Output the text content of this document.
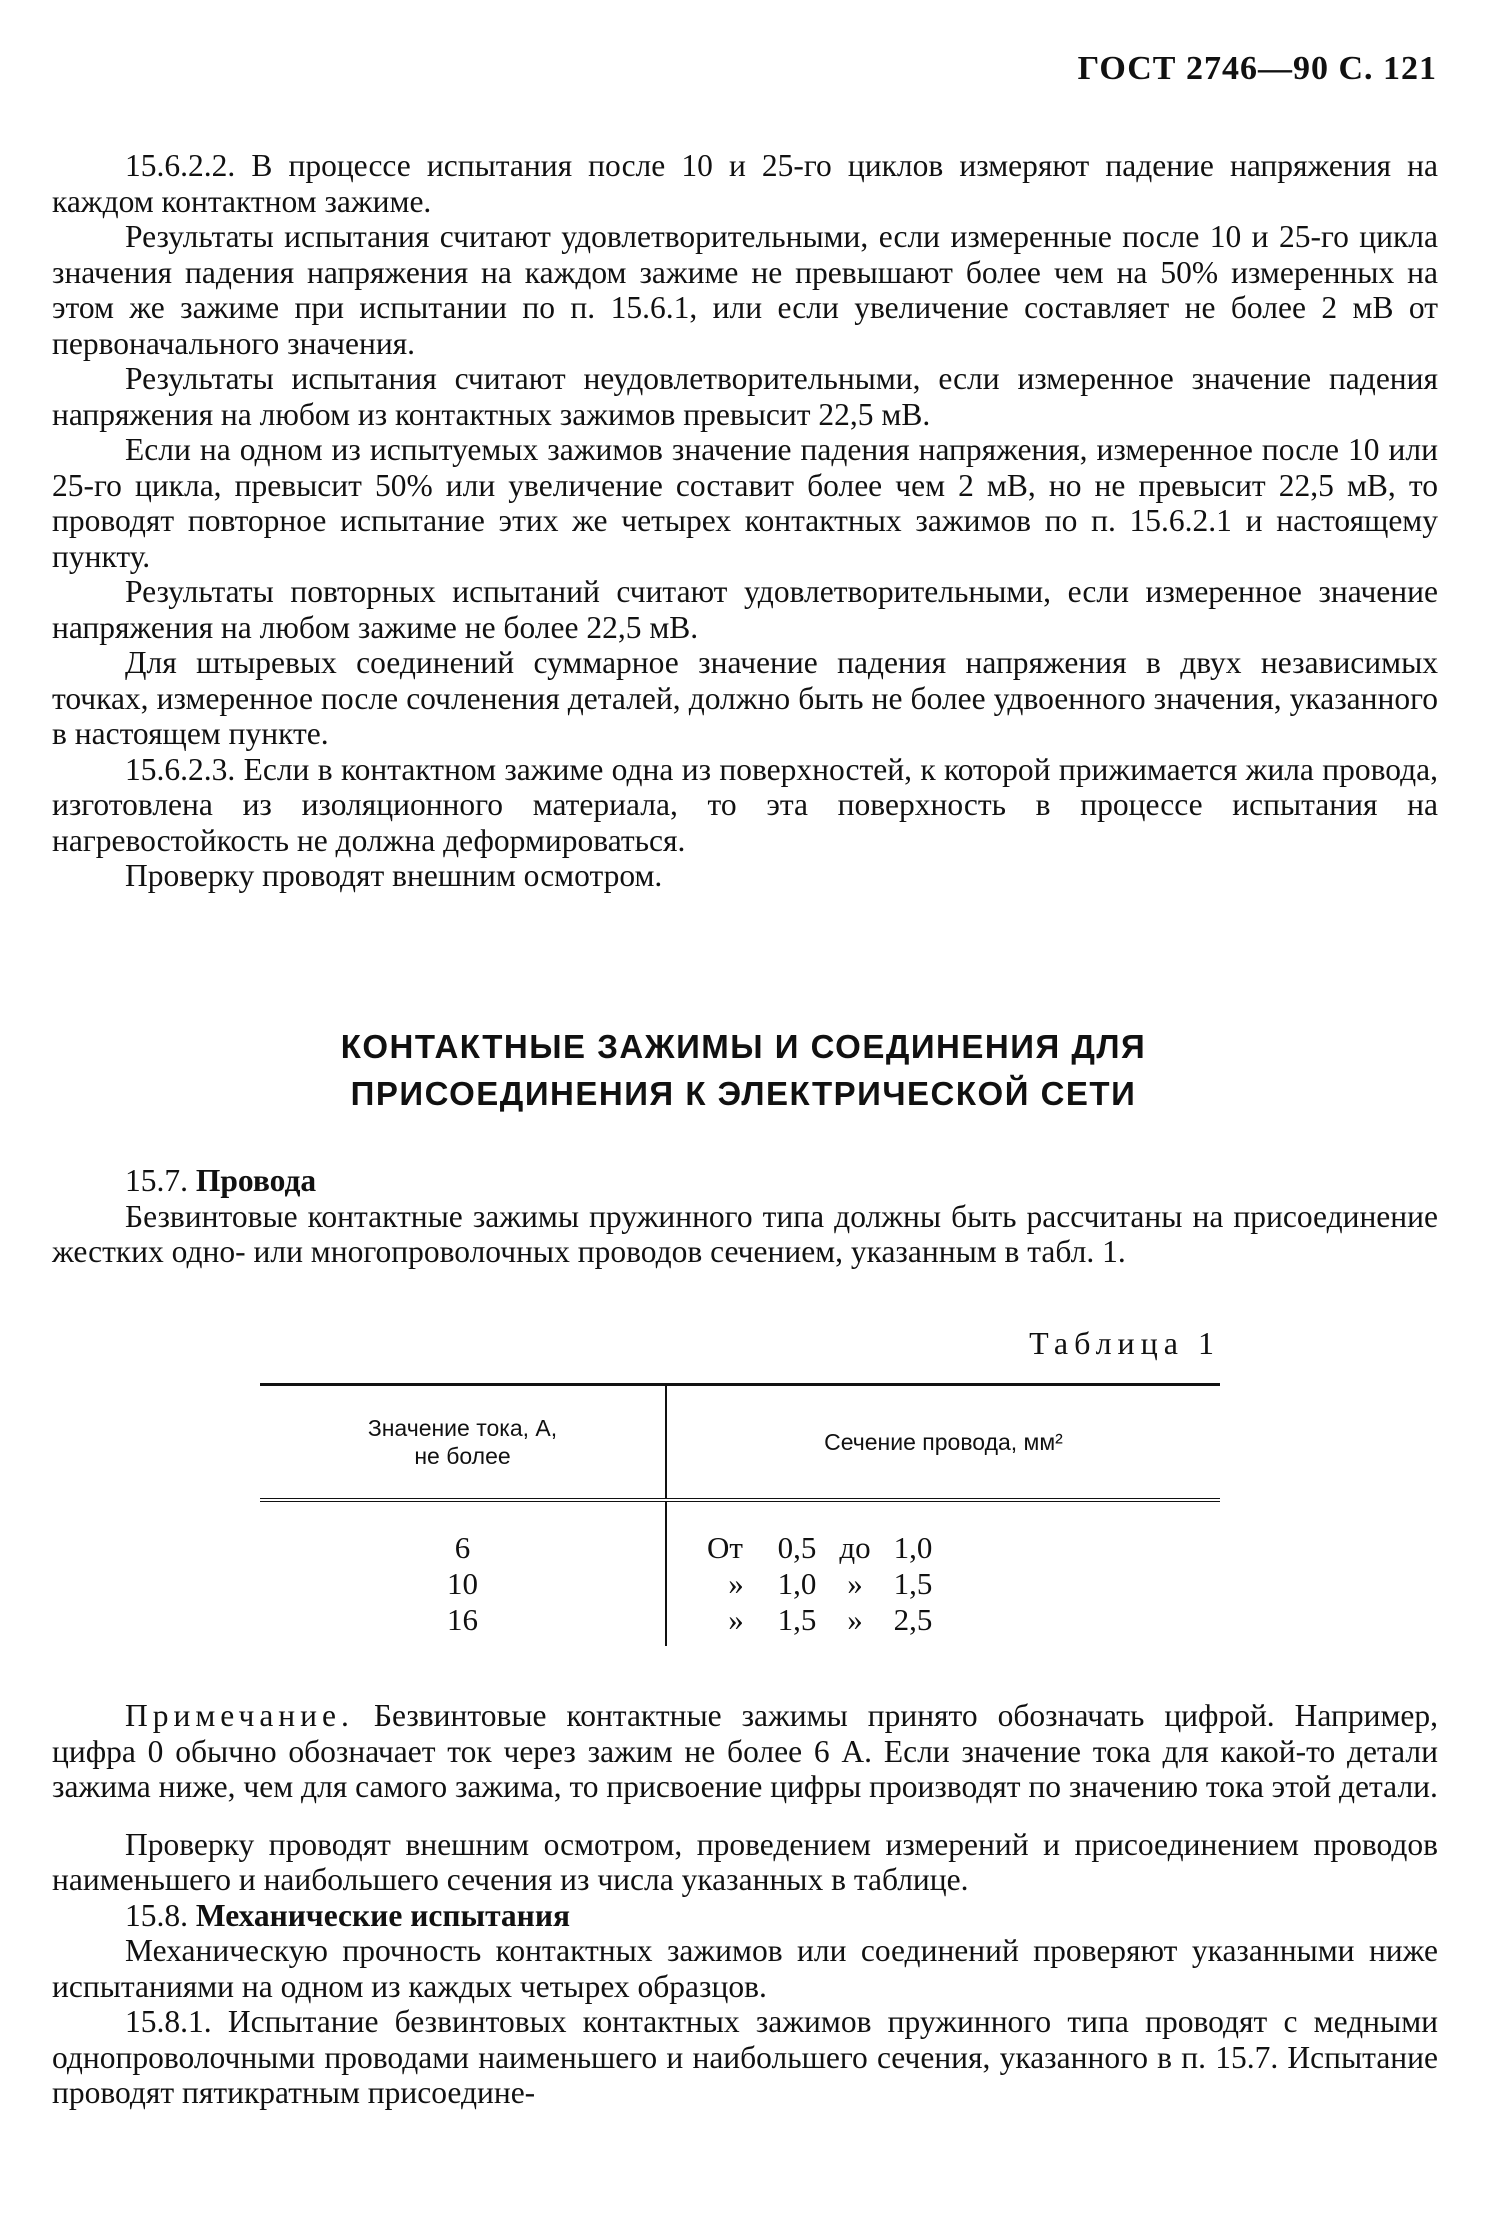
ГОСТ 2746—90 С. 121

15.6.2.2. В процессе испытания после 10 и 25-го циклов измеряют падение напряжения на каждом контактном зажиме.

Результаты испытания считают удовлетворительными, если измеренные после 10 и 25-го цикла значения падения напряжения на каждом зажиме не превышают более чем на 50% измеренных на этом же зажиме при испытании по п. 15.6.1, или если увеличение составляет не более 2 мВ от первоначального значения.

Результаты испытания считают неудовлетворительными, если измеренное значение падения напряжения на любом из контактных зажимов превысит 22,5 мВ.

Если на одном из испытуемых зажимов значение падения напряжения, измеренное после 10 или 25-го цикла, превысит 50% или увеличение составит более чем 2 мВ, но не превысит 22,5 мВ, то проводят повторное испытание этих же четырех контактных зажимов по п. 15.6.2.1 и настоящему пункту.

Результаты повторных испытаний считают удовлетворительными, если измеренное значение напряжения на любом зажиме не более 22,5 мВ.

Для штыревых соединений суммарное значение падения напряжения в двух независимых точках, измеренное после сочленения деталей, должно быть не более удвоенного значения, указанного в настоящем пункте.

15.6.2.3. Если в контактном зажиме одна из поверхностей, к которой прижимается жила провода, изготовлена из изоляционного материала, то эта поверхность в процессе испытания на нагревостойкость не должна деформироваться.

Проверку проводят внешним осмотром.

КОНТАКТНЫЕ ЗАЖИМЫ И СОЕДИНЕНИЯ ДЛЯ
ПРИСОЕДИНЕНИЯ К ЭЛЕКТРИЧЕСКОЙ СЕТИ

15.7. Провода

Безвинтовые контактные зажимы пружинного типа должны быть рассчитаны на присоединение жестких одно- или многопроволочных проводов сечением, указанным в табл. 1.

Таблица 1
Значение тока, А,
не более	Сечение провода, мм²
6	От 0,5 до 1,0
10	» 1,0 » 1,5
16	» 1,5 » 2,5

Примечание. Безвинтовые контактные зажимы принято обозначать цифрой. Например, цифра 0 обычно обозначает ток через зажим не более 6 А. Если значение тока для какой-то детали зажима ниже, чем для самого зажима, то присвоение цифры производят по значению тока этой детали.

Проверку проводят внешним осмотром, проведением измерений и присоединением проводов наименьшего и наибольшего сечения из числа указанных в таблице.

15.8. Механические испытания

Механическую прочность контактных зажимов или соединений проверяют указанными ниже испытаниями на одном из каждых четырех образцов.

15.8.1. Испытание безвинтовых контактных зажимов пружинного типа проводят с медными однопроволочными проводами наименьшего и наибольшего сечения, указанного в п. 15.7. Испытание проводят пятикратным присоедине-
